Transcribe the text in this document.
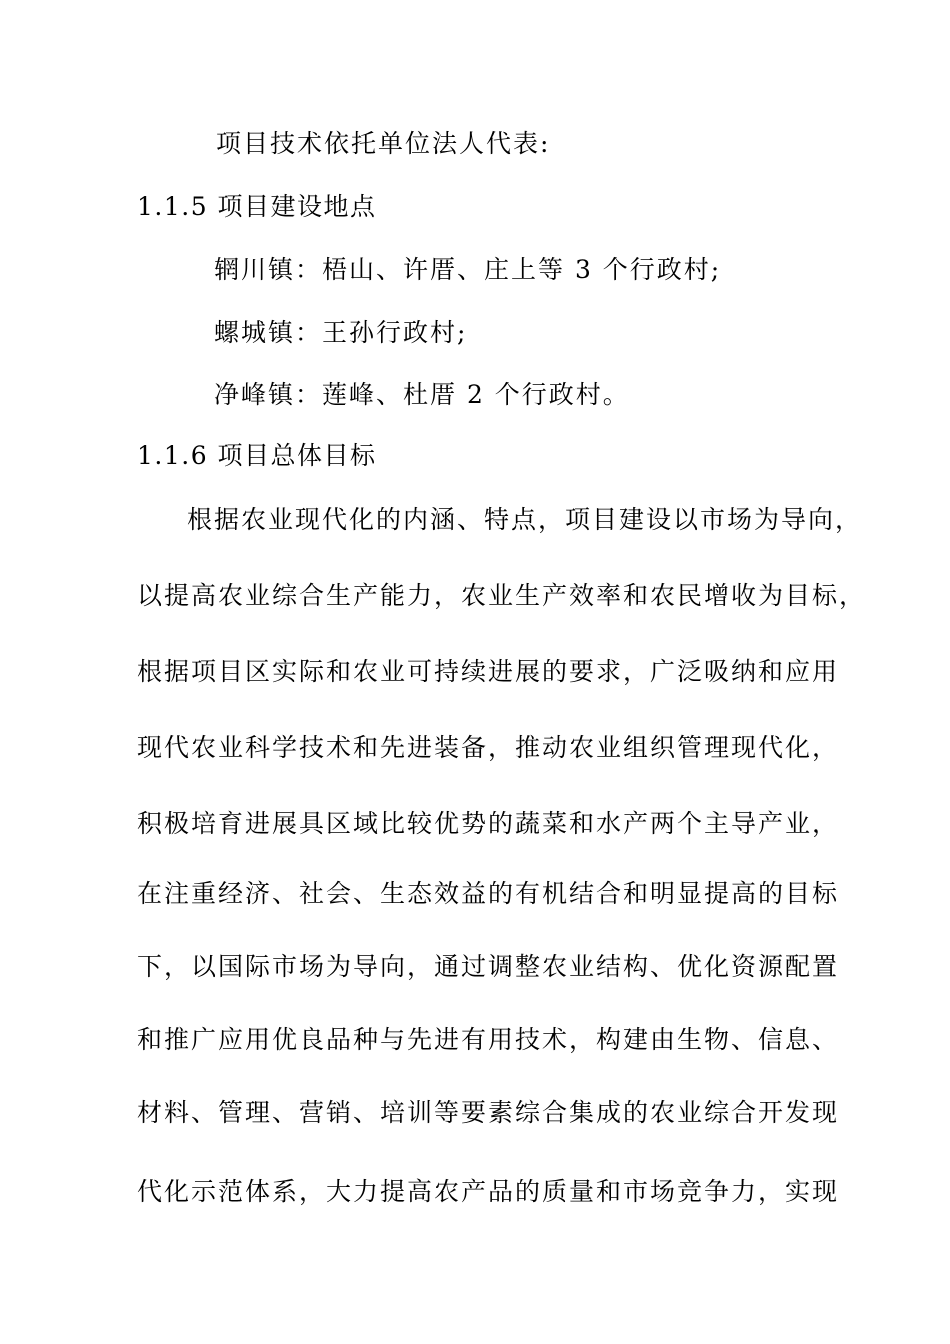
项目技术依托单位法人代表:
1.1.5 项目建设地点
辋川镇：梧山、许厝、庄上等 3 个行政村;
螺城镇：王孙行政村;
净峰镇：莲峰、杜厝 2 个行政村。
1.1.6 项目总体目标
根据农业现代化的内涵、特点，项目建设以市场为导向，
以提高农业综合生产能力，农业生产效率和农民增收为目标，
根据项目区实际和农业可持续进展的要求，广泛吸纳和应用
现代农业科学技术和先进装备，推动农业组织管理现代化，
积极培育进展具区域比较优势的蔬菜和水产两个主导产业，
在注重经济、社会、生态效益的有机结合和明显提高的目标
下，以国际市场为导向，通过调整农业结构、优化资源配置
和推广应用优良品种与先进有用技术，构建由生物、信息、
材料、管理、营销、培训等要素综合集成的农业综合开发现
代化示范体系，大力提高农产品的质量和市场竞争力，实现
